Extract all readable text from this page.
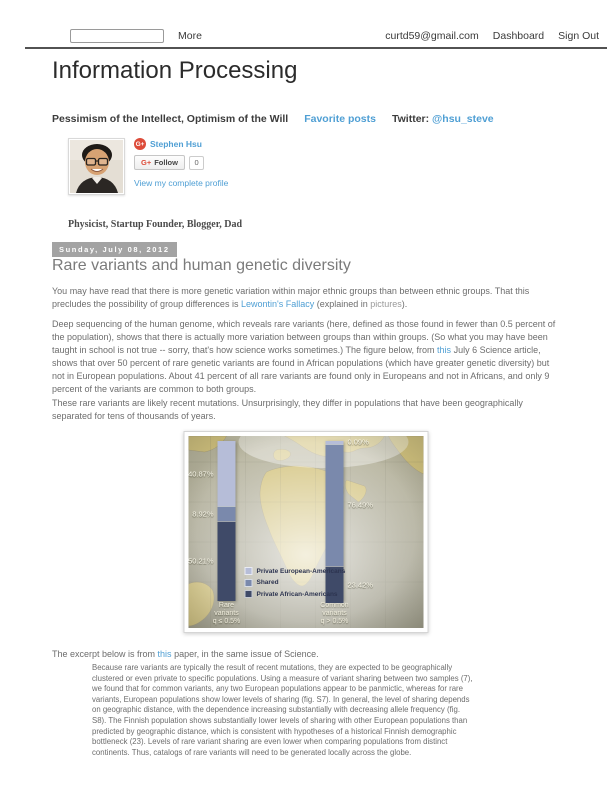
More	curtd59@gmail.com Dashboard Sign Out
Information Processing
Pessimism of the Intellect, Optimism of the Will Favorite posts Twitter: @hsu_steve
G+ Stephen Hsu
G+ Follow	0
View my complete profile
Physicist, Startup Founder, Blogger, Dad
Sunday, July 08, 2012
Rare variants and human genetic diversity

You may have read that there is more genetic variation within major ethnic groups than between ethnic groups. That this precludes the possibility of group differences is Lewontin's Fallacy (explained in pictures).

Deep sequencing of the human genome, which reveals rare variants (here, defined as those found in fewer than 0.5 percent of the population), shows that there is actually more variation between groups than within groups. (So what you may have been taught in school is not true -- sorry, that's how science works sometimes.) The figure below, from this July 6 Science article, shows that over 50 percent of rare genetic variants are found in African populations (which have greater genetic diversity) but not in European populations. About 41 percent of all rare variants are found only in Europeans and not in Africans, and only 9 percent of the variants are common to both groups.

These rare variants are likely recent mutations. Unsurprisingly, they differ in populations that have been geographically separated for tens of thousands of years.

40.87%
8.92%
50.21%
Rare
variants
q ≤ 0.5%
0.09%
76.49%
23.42%
Common
variants
q > 0.5%
Private European-Americans
Shared
Private African-Americans

The excerpt below is from this paper, in the same issue of Science.

Because rare variants are typically the result of recent mutations, they are expected to be geographically clustered or even private to specific populations. Using a measure of variant sharing between two samples (7), we found that for common variants, any two European populations appear to be panmictic, whereas for rare variants, European populations show lower levels of sharing (fig. S7). In general, the level of sharing depends on geographic distance, with the dependence increasing substantially with decreasing allele frequency (fig. S8). The Finnish population shows substantially lower levels of sharing with other European populations than predicted by geographic distance, which is consistent with hypotheses of a historical Finnish demographic bottleneck (23). Levels of rare variant sharing are even lower when comparing populations from distinct continents. Thus, catalogs of rare variants will need to be generated locally across the globe.
